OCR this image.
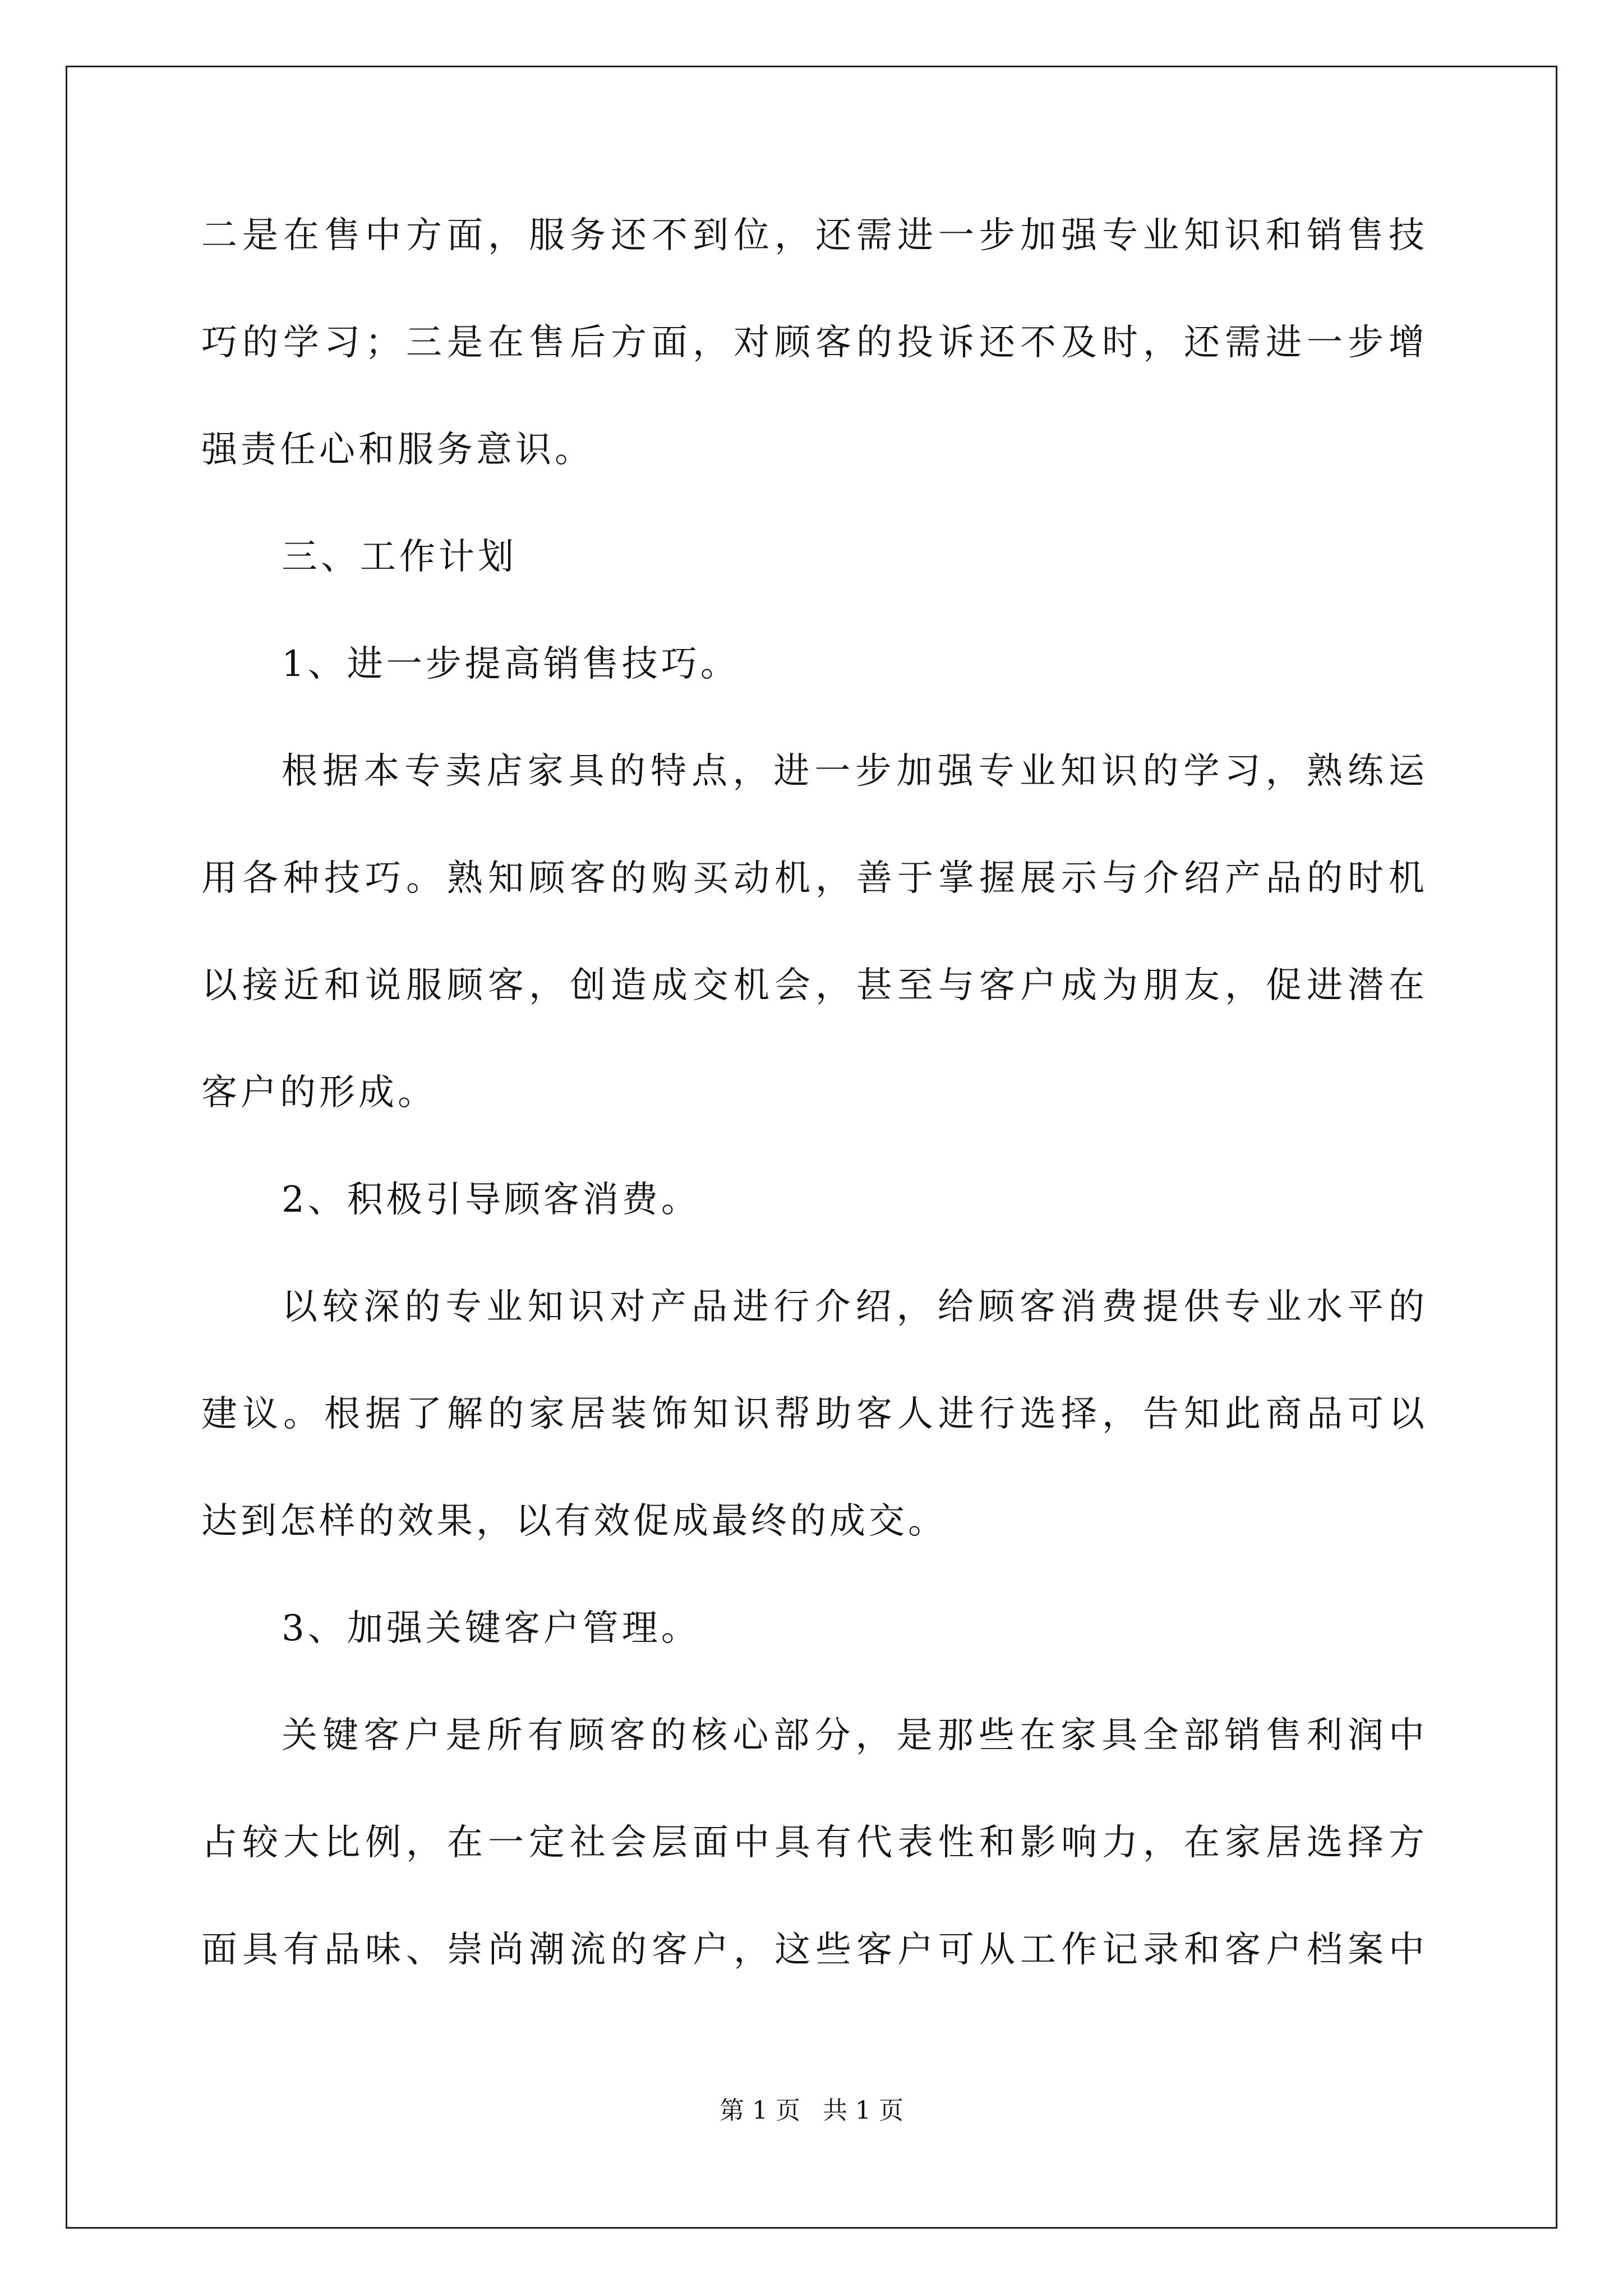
二是在售中方面，服务还不到位，还需进一步加强专业知识和销售技
巧的学习；三是在售后方面，对顾客的投诉还不及时，还需进一步增
强责任心和服务意识。
三、工作计划
1、进一步提高销售技巧。
根据本专卖店家具的特点，进一步加强专业知识的学习，熟练运
用各种技巧。熟知顾客的购买动机，善于掌握展示与介绍产品的时机
以接近和说服顾客，创造成交机会，甚至与客户成为朋友，促进潜在
客户的形成。
2、积极引导顾客消费。
以较深的专业知识对产品进行介绍，给顾客消费提供专业水平的
建议。根据了解的家居装饰知识帮助客人进行选择，告知此商品可以
达到怎样的效果，以有效促成最终的成交。
3、加强关键客户管理。
关键客户是所有顾客的核心部分，是那些在家具全部销售利润中
占较大比例，在一定社会层面中具有代表性和影响力，在家居选择方
面具有品味、崇尚潮流的客户，这些客户可从工作记录和客户档案中
第 1 页 共 1 页
